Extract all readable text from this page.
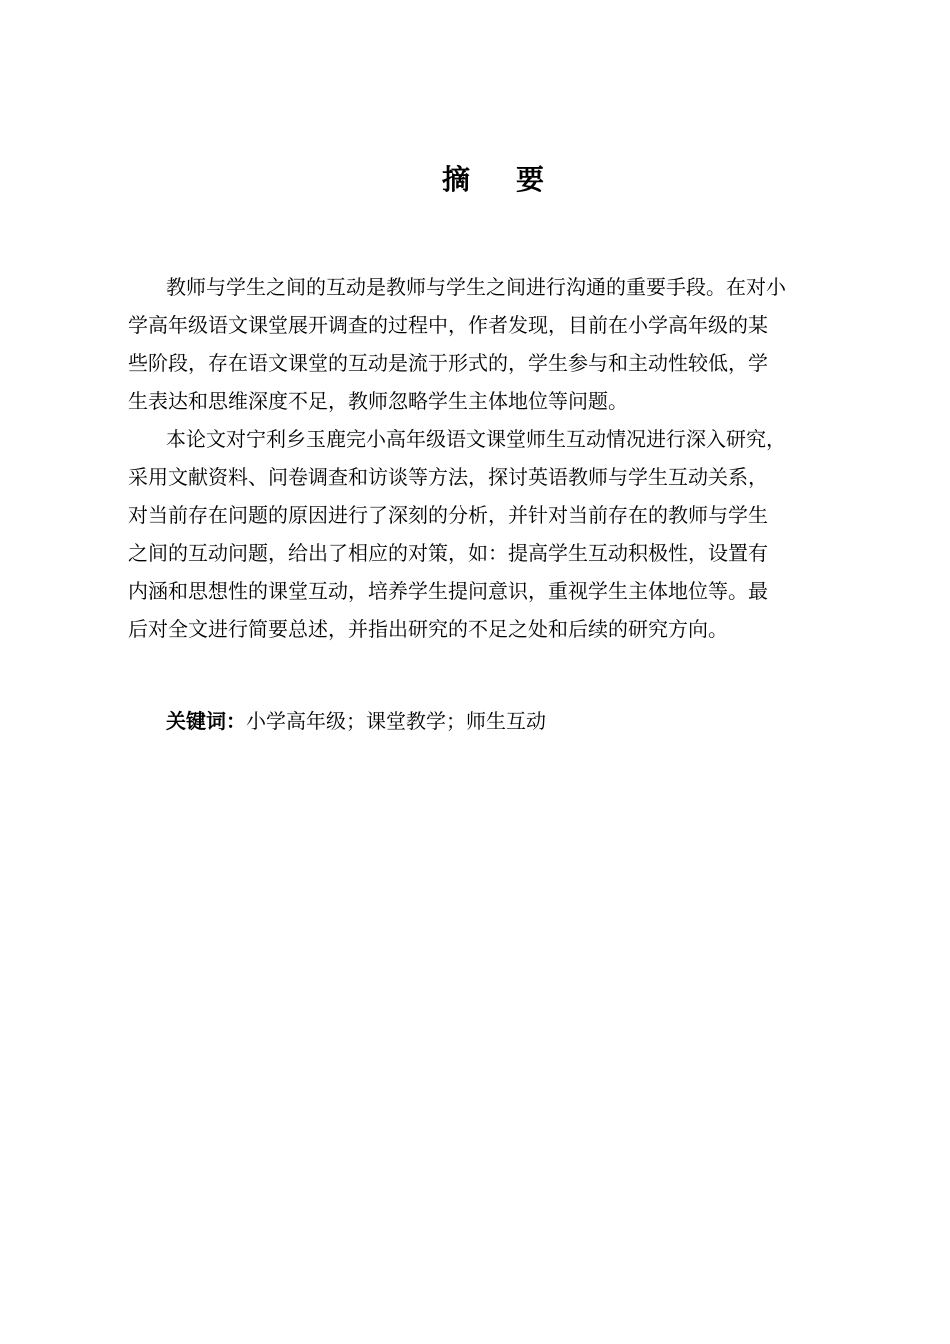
摘 要
教师与学生之间的互动是教师与学生之间进行沟通的重要手段。在对小
学高年级语文课堂展开调查的过程中，作者发现，目前在小学高年级的某
些阶段，存在语文课堂的互动是流于形式的，学生参与和主动性较低，学
生表达和思维深度不足，教师忽略学生主体地位等问题。
本论文对宁利乡玉鹿完小高年级语文课堂师生互动情况进行深入研究，
采用文献资料、问卷调查和访谈等方法，探讨英语教师与学生互动关系，
对当前存在问题的原因进行了深刻的分析，并针对当前存在的教师与学生
之间的互动问题，给出了相应的对策，如：提高学生互动积极性，设置有
内涵和思想性的课堂互动，培养学生提问意识，重视学生主体地位等。最
后对全文进行简要总述，并指出研究的不足之处和后续的研究方向。
关键词：小学高年级；课堂教学；师生互动
